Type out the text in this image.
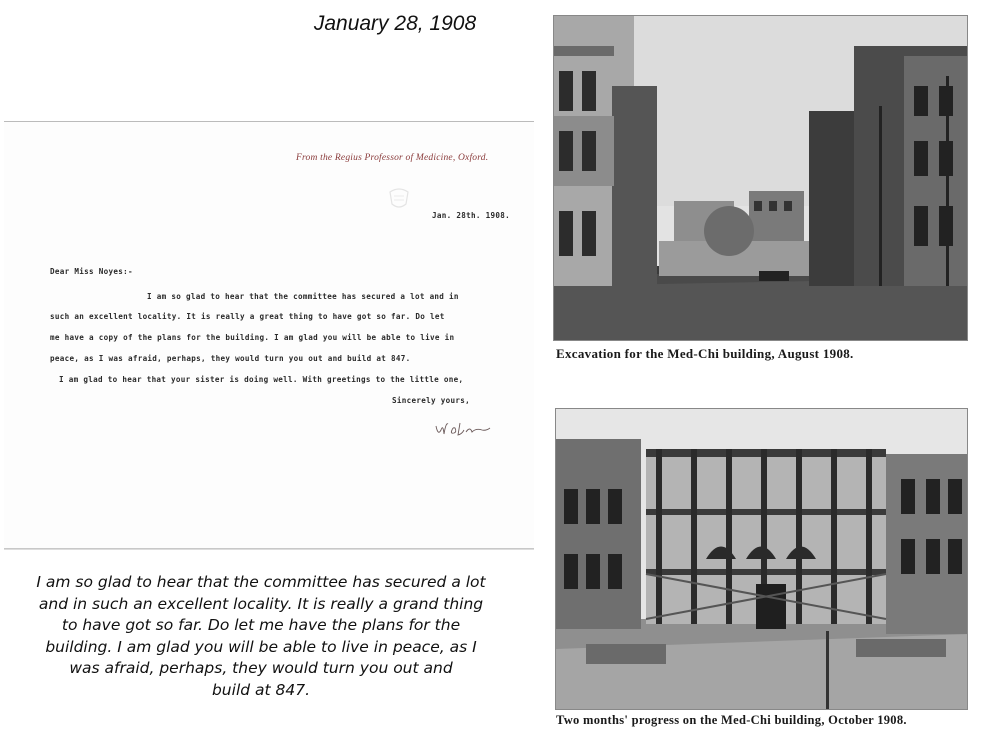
January 28, 1908
From the Regius Professor of Medicine, Oxford.
Jan. 28th. 1908.
Dear Miss Noyes:-
I am so glad to hear that the committee has secured a lot and in
such an excellent locality. It is really a great thing to have got so far. Do let
me have a copy of the plans for the building. I am glad you will be able to live in
peace, as I was afraid, perhaps, they would turn you out and build at 847.
I am glad to hear that your sister is doing well. With greetings to the little one,
Sincerely yours,
I am so glad to hear that the committee has secured a lot
and in such an excellent locality. It is really a grand thing
to have got so far. Do let me have the plans for the
building. I am glad you will be able to live in peace, as I
was afraid, perhaps, they would turn you out and
build at 847.
Excavation for the Med-Chi building, August 1908.
Two months' progress on the Med-Chi building, October 1908.
